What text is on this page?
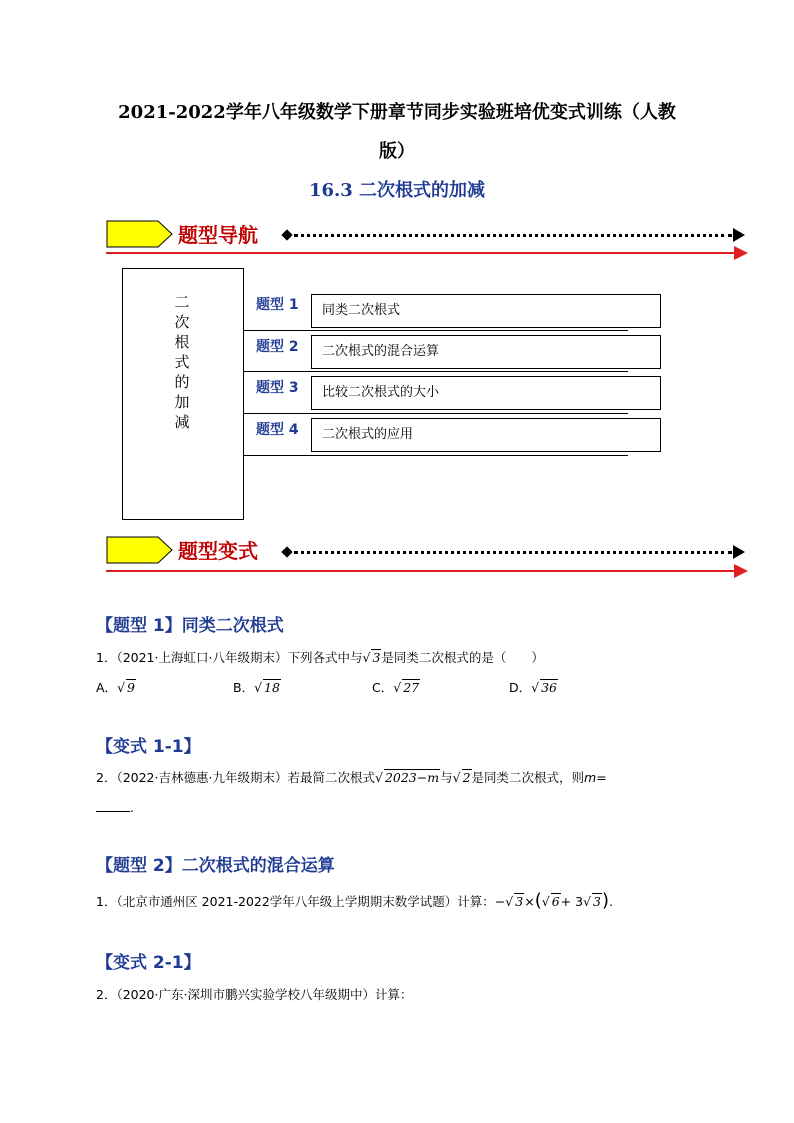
2021-2022学年八年级数学下册章节同步实验班培优变式训练（人教
版）
16.3 二次根式的加减
题型导航
二
次
根
式
的
加
减
题型 1	同类二次根式
题型 2	二次根式的混合运算
题型 3	比较二次根式的大小
题型 4	二次根式的应用
题型变式
【题型 1】同类二次根式
1．（2021·上海虹口·八年级期末）下列各式中与√ 3是同类二次根式的是（　　）
A．√ 9	B．√ 18	C．√ 27	D．√ 36
【变式 1-1】
2．（2022·吉林德惠·九年级期末）若最简二次根式√ 2023−m与√ 2是同类二次根式，则m=
.
【题型 2】二次根式的混合运算
1．（北京市通州区 2021-2022学年八年级上学期期末数学试题）计算：−√ 3×(√ 6+ 3√ 3).
【变式 2-1】
2．（2020·广东·深圳市鹏兴实验学校八年级期中）计算：
